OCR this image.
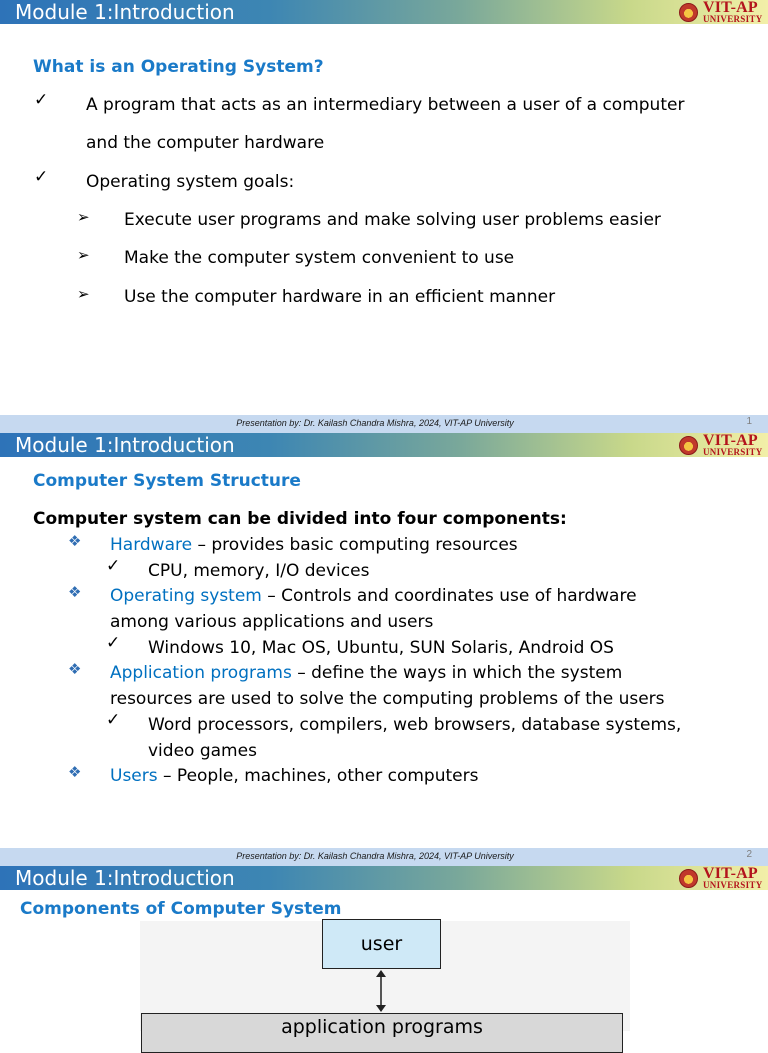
Module 1:Introduction	VIT-AP
UNIVERSITY
What is an Operating System?
✓ A program that acts as an intermediary between a user of a computer
and the computer hardware
✓ Operating system goals:
➢ Execute user programs and make solving user problems easier
➢ Make the computer system convenient to use
➢ Use the computer hardware in an efficient manner
Presentation by: Dr. Kailash Chandra Mishra, 2024, VIT-AP University	1
Module 1:Introduction	VIT-AP
UNIVERSITY
Computer System Structure
Computer system can be divided into four components:
❖ Hardware – provides basic computing resources
✓ CPU, memory, I/O devices
❖ Operating system – Controls and coordinates use of hardware
among various applications and users
✓ Windows 10, Mac OS, Ubuntu, SUN Solaris, Android OS
❖ Application programs – define the ways in which the system
resources are used to solve the computing problems of the users
✓ Word processors, compilers, web browsers, database systems,
video games
❖ Users – People, machines, other computers
Presentation by: Dr. Kailash Chandra Mishra, 2024, VIT-AP University	2
Module 1:Introduction	VIT-AP
UNIVERSITY
Components of Computer System
user
application programs
